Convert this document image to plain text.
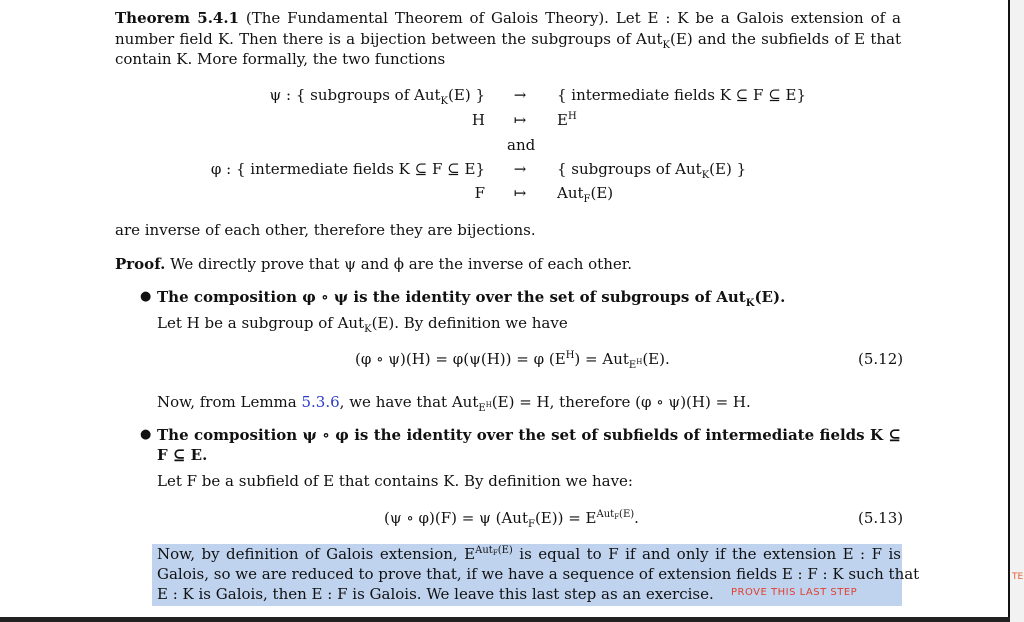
TE
Theorem 5.4.1 (The Fundamental Theorem of Galois Theory). Let E : K be a Galois extension of a
number field K. Then there is a bijection between the subgroups of Aut$_K$(E) and the subfields of E that
contain K. More formally, the two functions
ψ : { subgroups of Aut$_K$(E) }	→	{ intermediate fields K ⊆ F ⊆ E}
H	↦	$E^H$
and
φ : { intermediate fields K ⊆ F ⊆ E}	→	{ subgroups of Aut$_K$(E) }
F	↦	Aut$_F$(E)
are inverse of each other, therefore they are bijections.
Proof. We directly prove that ψ and ϕ are the inverse of each other.
● The composition φ ∘ ψ is the identity over the set of subgroups of Aut$_K$(E).
Let H be a subgroup of Aut$_K$(E). By definition we have
(φ ∘ ψ)(H) = φ(ψ(H)) = φ $(E^H) = Aut_{E^H}(E)$.	(5.12)
Now, from Lemma 5.3.6, we have that Aut$_{E^H}$(E) = H, therefore (φ ∘ ψ)(H) = H.
● The composition ψ ∘ φ is the identity over the set of subfields of intermediate fields K ⊆
F ⊆ E.
Let F be a subfield of E that contains K. By definition we have:
(ψ ∘ φ)(F) = ψ $(Aut_F(E)) = E^{Aut_F(E)}$.	(5.13)
Now, by definition of Galois extension, $E^{Aut_F(E)}$ is equal to F if and only if the extension E : F is
Galois, so we are reduced to prove that, if we have a sequence of extension fields E : F : K such that
E : K is Galois, then E : F is Galois. We leave this last step as an exercise. PROVE THIS LAST STEP
